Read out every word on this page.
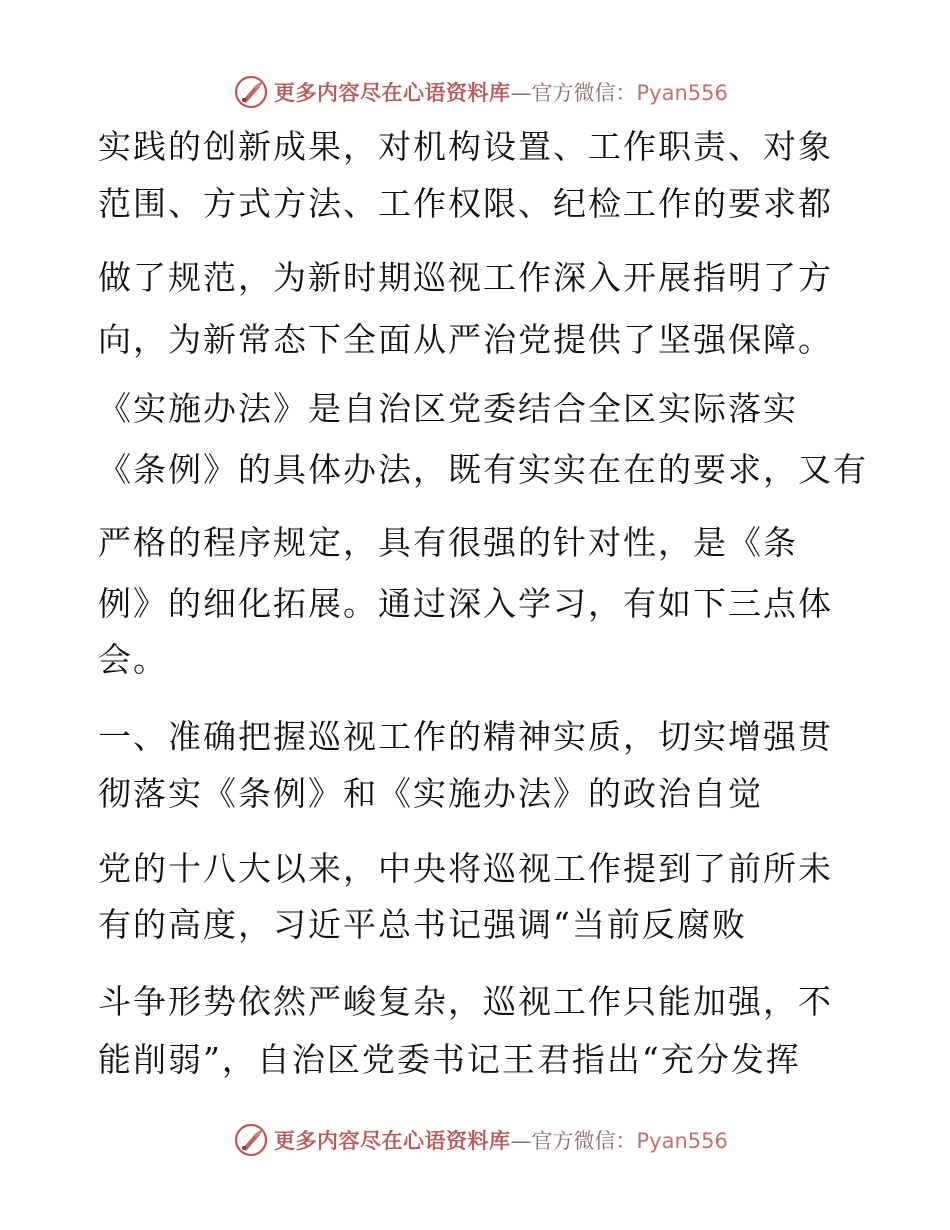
更多内容尽在心语资料库—官方微信：Pyan556
实践的创新成果，对机构设置、工作职责、对象
范围、方式方法、工作权限、纪检工作的要求都
做了规范，为新时期巡视工作深入开展指明了方
向，为新常态下全面从严治党提供了坚强保障。
《实施办法》是自治区党委结合全区实际落实
《条例》的具体办法，既有实实在在的要求，又有
严格的程序规定，具有很强的针对性，是《条
例》的细化拓展。通过深入学习，有如下三点体
会。
一、准确把握巡视工作的精神实质，切实增强贯
彻落实《条例》和《实施办法》的政治自觉
党的十八大以来，中央将巡视工作提到了前所未
有的高度，习近平总书记强调“当前反腐败
斗争形势依然严峻复杂，巡视工作只能加强，不
能削弱”，自治区党委书记王君指出“充分发挥
更多内容尽在心语资料库—官方微信：Pyan556
